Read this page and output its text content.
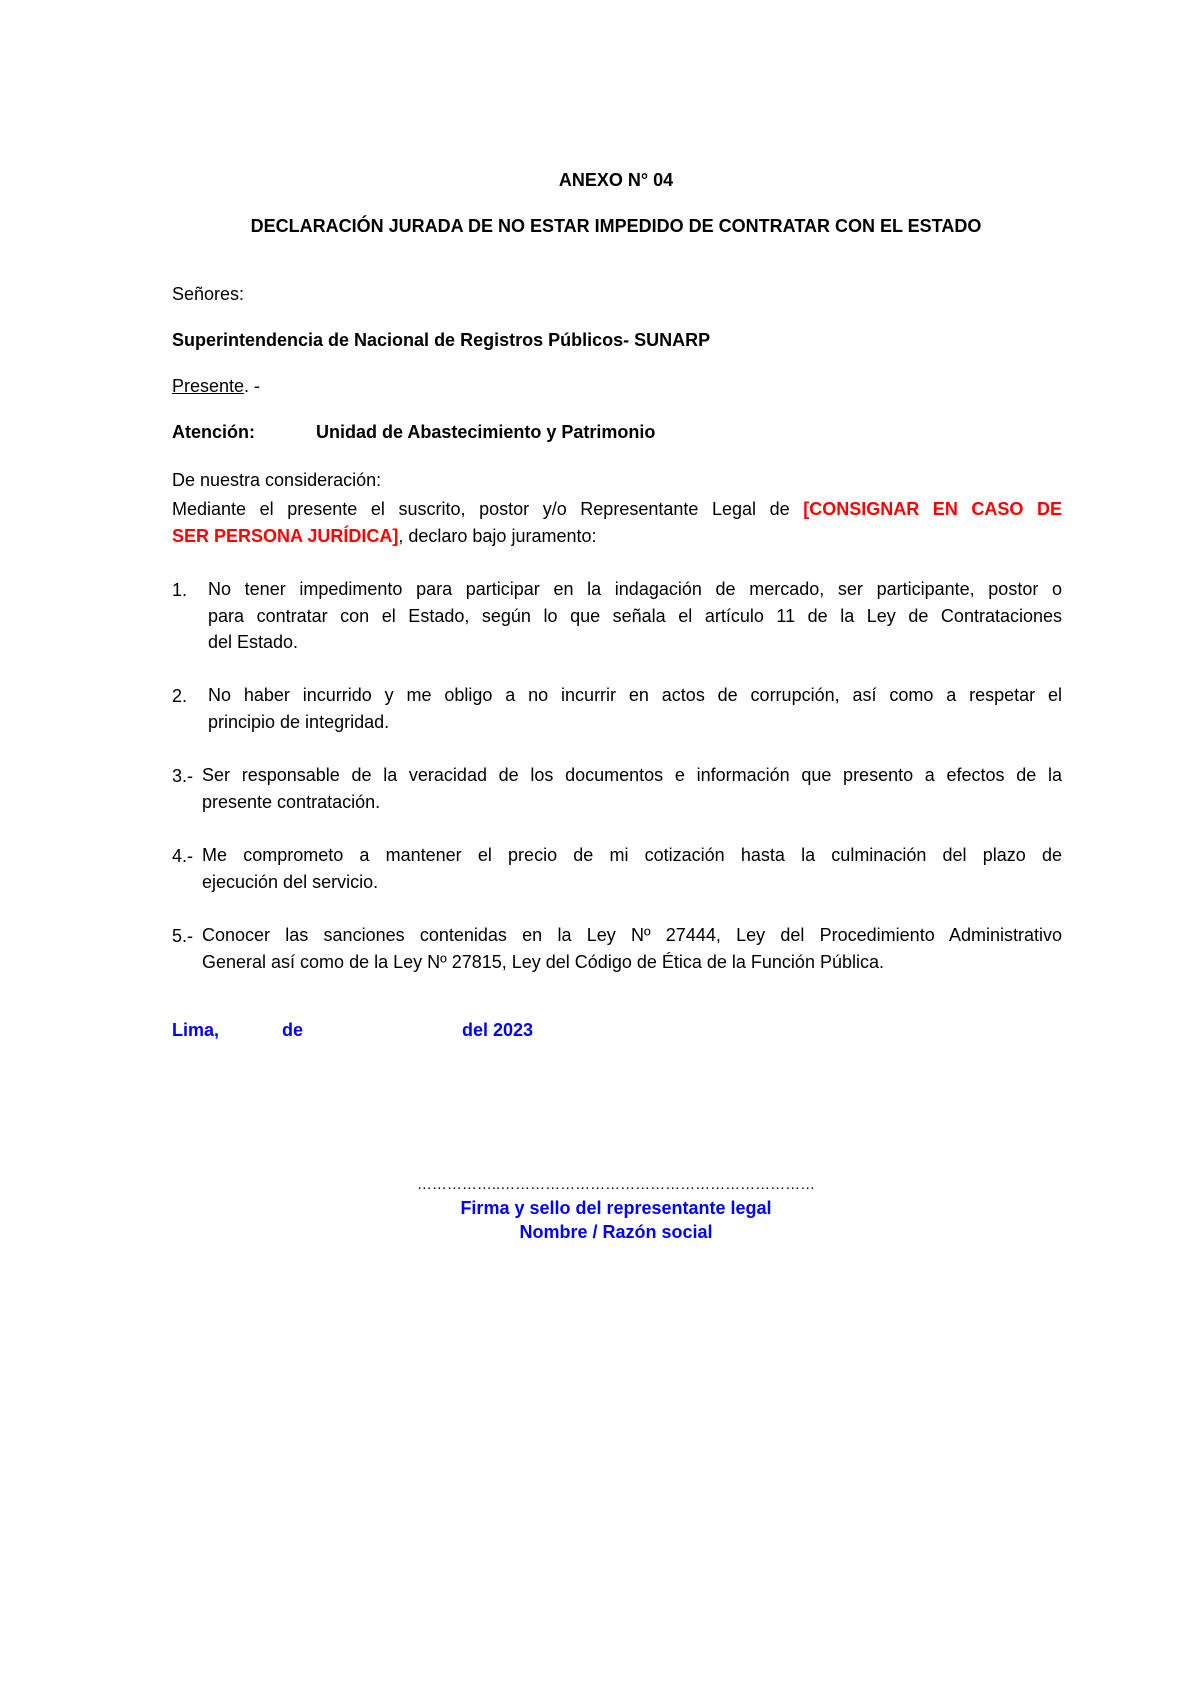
ANEXO N° 04
DECLARACIÓN JURADA DE NO ESTAR IMPEDIDO DE CONTRATAR CON EL ESTADO
Señores:
Superintendencia de Nacional de Registros Públicos- SUNARP
Presente. -
Atención:	Unidad de Abastecimiento y Patrimonio
De nuestra consideración:
Mediante el presente el suscrito, postor y/o Representante Legal de [CONSIGNAR EN CASO DE
SER PERSONA JURÍDICA], declaro bajo juramento:
1. No tener impedimento para participar en la indagación de mercado, ser participante, postor o
para contratar con el Estado, según lo que señala el artículo 11 de la Ley de Contrataciones
del Estado.
2. No haber incurrido y me obligo a no incurrir en actos de corrupción, así como a respetar el
principio de integridad.
3.- Ser responsable de la veracidad de los documentos e información que presento a efectos de la
presente contratación.
4.- Me comprometo a mantener el precio de mi cotización hasta la culminación del plazo de
ejecución del servicio.
5.- Conocer las sanciones contenidas en la Ley Nº 27444, Ley del Procedimiento Administrativo
General así como de la Ley Nº 27815, Ley del Código de Ética de la Función Pública.
Lima,	de	del 2023
……………..………………………………………………………
Firma y sello del representante legal
Nombre / Razón social
